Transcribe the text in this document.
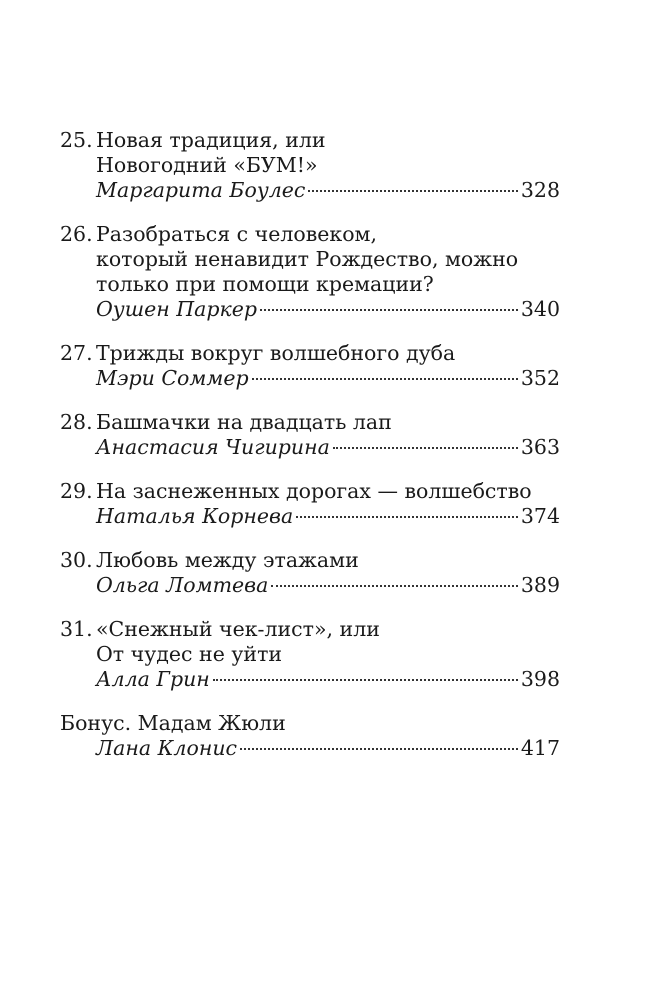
25. Новая традиция, или
Новогодний «БУМ!»
Маргарита Боулес	328
26. Разобраться с человеком,
который ненавидит Рождество, можно
только при помощи кремации?
Оушен Паркер	340
27. Трижды вокруг волшебного дуба
Мэри Соммер	352
28. Башмачки на двадцать лап
Анастасия Чигирина	363
29. На заснеженных дорогах — волшебство
Наталья Корнева	374
30. Любовь между этажами
Ольга Ломтева	389
31. «Снежный чек-лист», или
От чудес не уйти
Алла Грин	398
Бонус. Мадам Жюли
Лана Клонис	417
